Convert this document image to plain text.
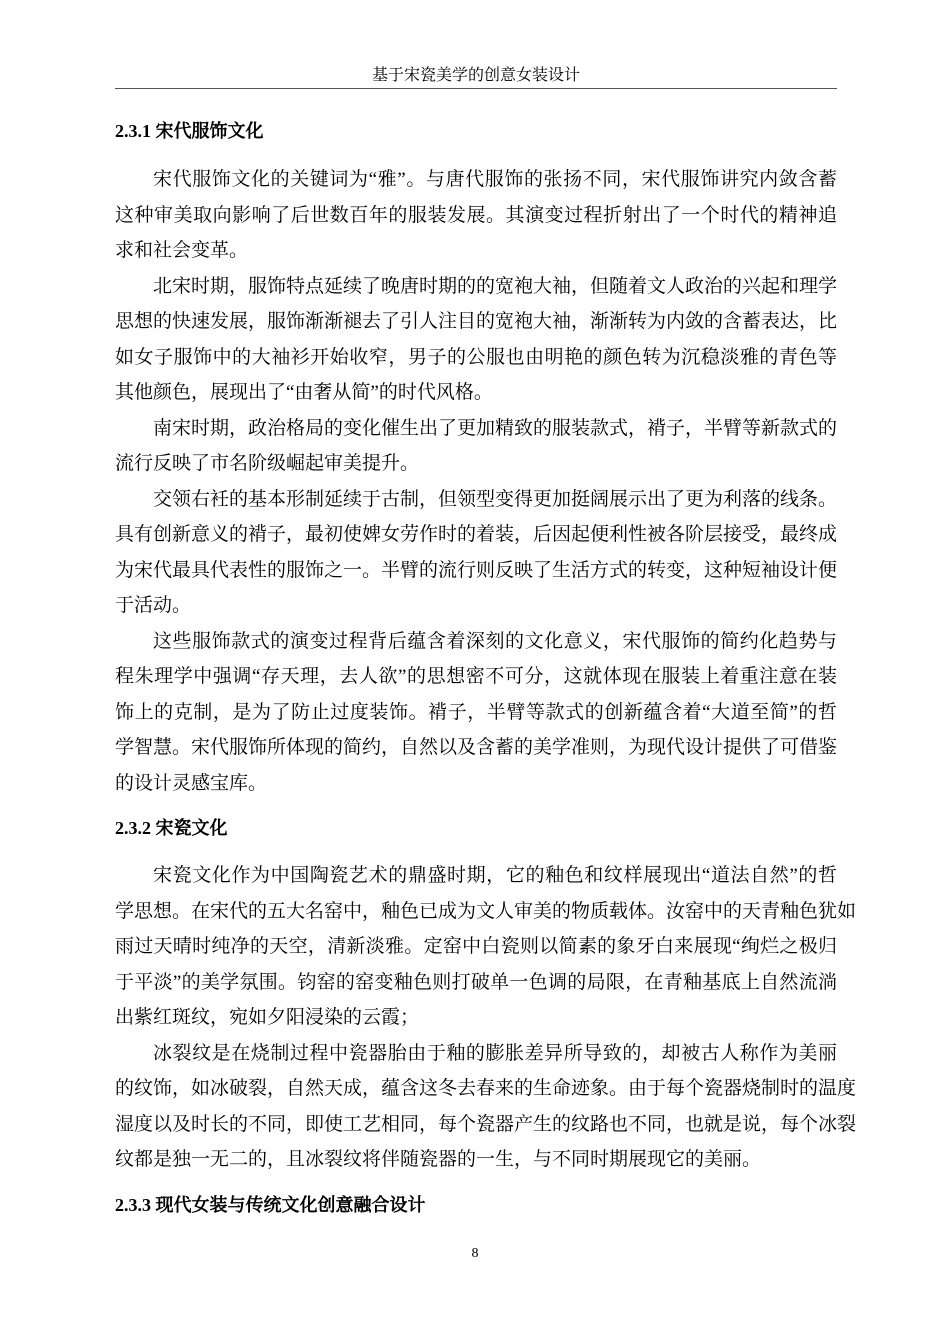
基于宋瓷美学的创意女装设计
2.3.1 宋代服饰文化
宋代服饰文化的关键词为“雅”。与唐代服饰的张扬不同，宋代服饰讲究内敛含蓄
这种审美取向影响了后世数百年的服装发展。其演变过程折射出了一个时代的精神追
求和社会变革。
北宋时期，服饰特点延续了晚唐时期的的宽袍大袖，但随着文人政治的兴起和理学
思想的快速发展，服饰渐渐褪去了引人注目的宽袍大袖，渐渐转为内敛的含蓄表达，比
如女子服饰中的大袖衫开始收窄，男子的公服也由明艳的颜色转为沉稳淡雅的青色等
其他颜色，展现出了“由奢从简”的时代风格。
南宋时期，政治格局的变化催生出了更加精致的服装款式，褙子，半臂等新款式的
流行反映了市名阶级崛起审美提升。
交领右衽的基本形制延续于古制，但领型变得更加挺阔展示出了更为利落的线条。
具有创新意义的褙子，最初使婢女劳作时的着装，后因起便利性被各阶层接受，最终成
为宋代最具代表性的服饰之一。半臂的流行则反映了生活方式的转变，这种短袖设计便
于活动。
这些服饰款式的演变过程背后蕴含着深刻的文化意义，宋代服饰的简约化趋势与
程朱理学中强调“存天理，去人欲”的思想密不可分，这就体现在服装上着重注意在装
饰上的克制，是为了防止过度装饰。褙子，半臂等款式的创新蕴含着“大道至简”的哲
学智慧。宋代服饰所体现的简约，自然以及含蓄的美学准则，为现代设计提供了可借鉴
的设计灵感宝库。
2.3.2 宋瓷文化
宋瓷文化作为中国陶瓷艺术的鼎盛时期，它的釉色和纹样展现出“道法自然”的哲
学思想。在宋代的五大名窑中，釉色已成为文人审美的物质载体。汝窑中的天青釉色犹如
雨过天晴时纯净的天空，清新淡雅。定窑中白瓷则以简素的象牙白来展现“绚烂之极归
于平淡”的美学氛围。钧窑的窑变釉色则打破单一色调的局限，在青釉基底上自然流淌
出紫红斑纹，宛如夕阳浸染的云霞；
冰裂纹是在烧制过程中瓷器胎由于釉的膨胀差异所导致的，却被古人称作为美丽
的纹饰，如冰破裂，自然天成，蕴含这冬去春来的生命迹象。由于每个瓷器烧制时的温度
湿度以及时长的不同，即使工艺相同，每个瓷器产生的纹路也不同，也就是说，每个冰裂
纹都是独一无二的，且冰裂纹将伴随瓷器的一生，与不同时期展现它的美丽。
2.3.3 现代女装与传统文化创意融合设计
8
